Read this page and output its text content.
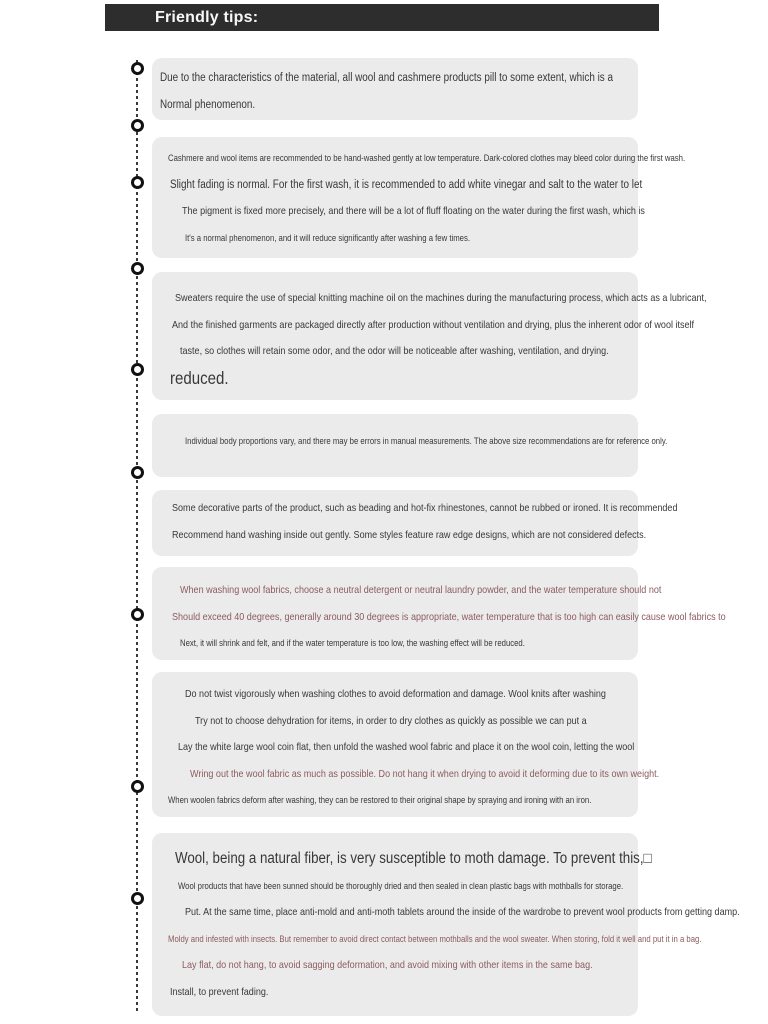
Friendly tips:
Due to the characteristics of the material, all wool and cashmere products pill to some extent, which is a
Normal phenomenon.
Cashmere and wool items are recommended to be hand-washed gently at low temperature. Dark-colored clothes may bleed color during the first wash.
Slight fading is normal. For the first wash, it is recommended to add white vinegar and salt to the water to let
The pigment is fixed more precisely, and there will be a lot of fluff floating on the water during the first wash, which is
It's a normal phenomenon, and it will reduce significantly after washing a few times.
Sweaters require the use of special knitting machine oil on the machines during the manufacturing process, which acts as a lubricant,
And the finished garments are packaged directly after production without ventilation and drying, plus the inherent odor of wool itself
taste, so clothes will retain some odor, and the odor will be noticeable after washing, ventilation, and drying.
reduced.
Individual body proportions vary, and there may be errors in manual measurements. The above size recommendations are for reference only.
Some decorative parts of the product, such as beading and hot-fix rhinestones, cannot be rubbed or ironed. It is recommended
Recommend hand washing inside out gently. Some styles feature raw edge designs, which are not considered defects.
When washing wool fabrics, choose a neutral detergent or neutral laundry powder, and the water temperature should not
Should exceed 40 degrees, generally around 30 degrees is appropriate, water temperature that is too high can easily cause wool fabrics to
Next, it will shrink and felt, and if the water temperature is too low, the washing effect will be reduced.
Do not twist vigorously when washing clothes to avoid deformation and damage. Wool knits after washing
Try not to choose dehydration for items, in order to dry clothes as quickly as possible we can put a
Lay the white large wool coin flat, then unfold the washed wool fabric and place it on the wool coin, letting the wool
Wring out the wool fabric as much as possible. Do not hang it when drying to avoid it deforming due to its own weight.
When woolen fabrics deform after washing, they can be restored to their original shape by spraying and ironing with an iron.
Wool, being a natural fiber, is very susceptible to moth damage. To prevent this,□
Wool products that have been sunned should be thoroughly dried and then sealed in clean plastic bags with mothballs for storage.
Put. At the same time, place anti-mold and anti-moth tablets around the inside of the wardrobe to prevent wool products from getting damp.
Moldy and infested with insects. But remember to avoid direct contact between mothballs and the wool sweater. When storing, fold it well and put it in a bag.
Lay flat, do not hang, to avoid sagging deformation, and avoid mixing with other items in the same bag.
Install, to prevent fading.
